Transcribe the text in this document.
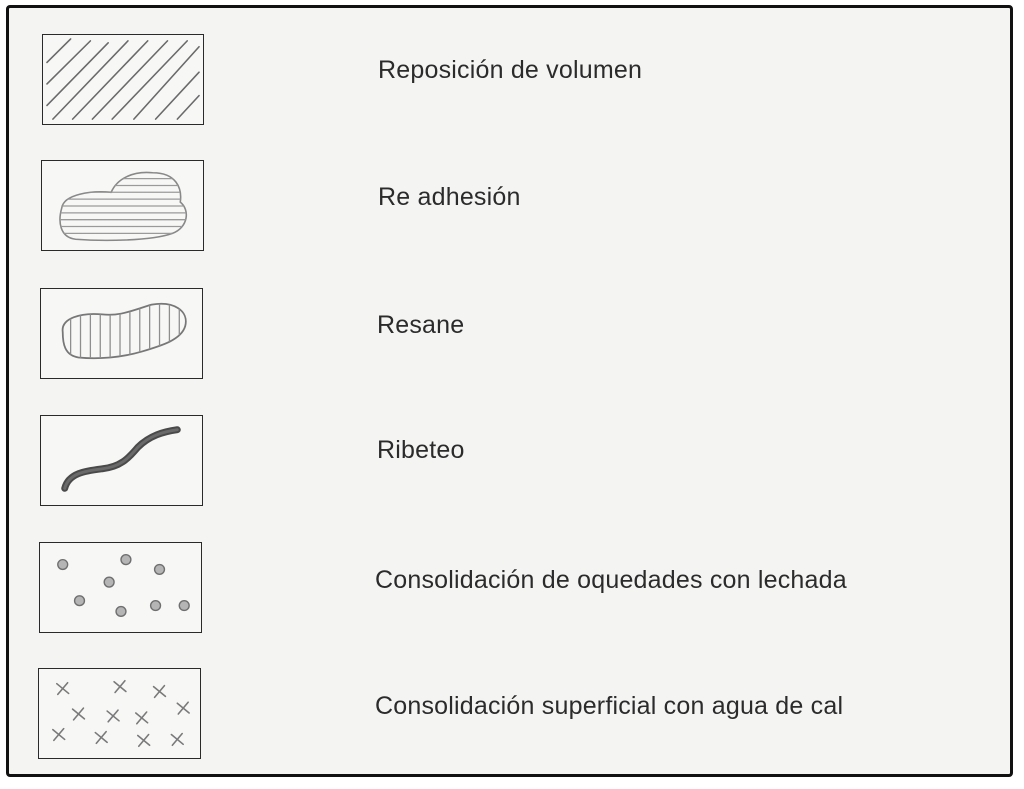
Reposición de volumen
Re adhesión
Resane
Ribeteo
Consolidación de oquedades con lechada
Consolidación superficial con agua de cal
